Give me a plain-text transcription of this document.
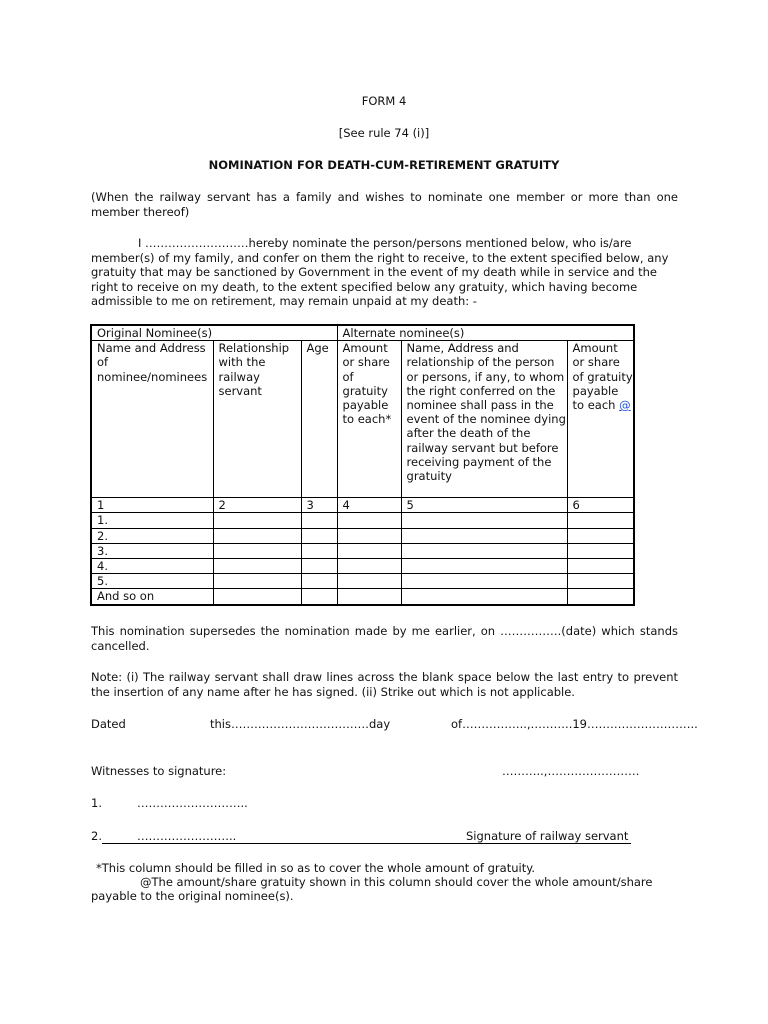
FORM 4
[See rule 74 (i)]
NOMINATION FOR DEATH-CUM-RETIREMENT GRATUITY
(When the railway servant has a family and wishes to nominate one member or more than one member thereof)
I ………………………hereby nominate the person/persons mentioned below, who is/are
member(s) of my family, and confer on them the right to receive, to the extent specified below, any
gratuity that may be sanctioned by Government in the event of my death while in service and the
right to receive on my death, to the extent specified below any gratuity, which having become
admissible to me on retirement, may remain unpaid at my death: -
Original Nominee(s)			Alternate nominee(s)		
Name and Address of nominee/nominees	Relationship with the railway servant	Age	Amount or share of gratuity payable to each*	Name, Address and relationship of the person or persons, if any, to whom the right conferred on the nominee shall pass in the event of the nominee dying after the death of the railway servant but before receiving payment of the gratuity	Amount or share of gratuity payable to each @
1	2	3	4	5	6
1.					
2.					
3.					
4.					
5.					
And so on					
This nomination supersedes the nomination made by me earlier, on …………….(date) which stands cancelled.
Note: (i) The railway servant shall draw lines across the blank space below the last entry to prevent the insertion of any name after he has signed. (ii) Strike out which is not applicable.
Dated	this………………………………day	of……………..,………..19………………………..
Witnesses to signature:	………..,……………………
1.	………………………..
2.	……………………..	Signature of railway servant
*This column should be filled in so as to cover the whole amount of gratuity.
@The amount/share gratuity shown in this column should cover the whole amount/share
payable to the original nominee(s).
